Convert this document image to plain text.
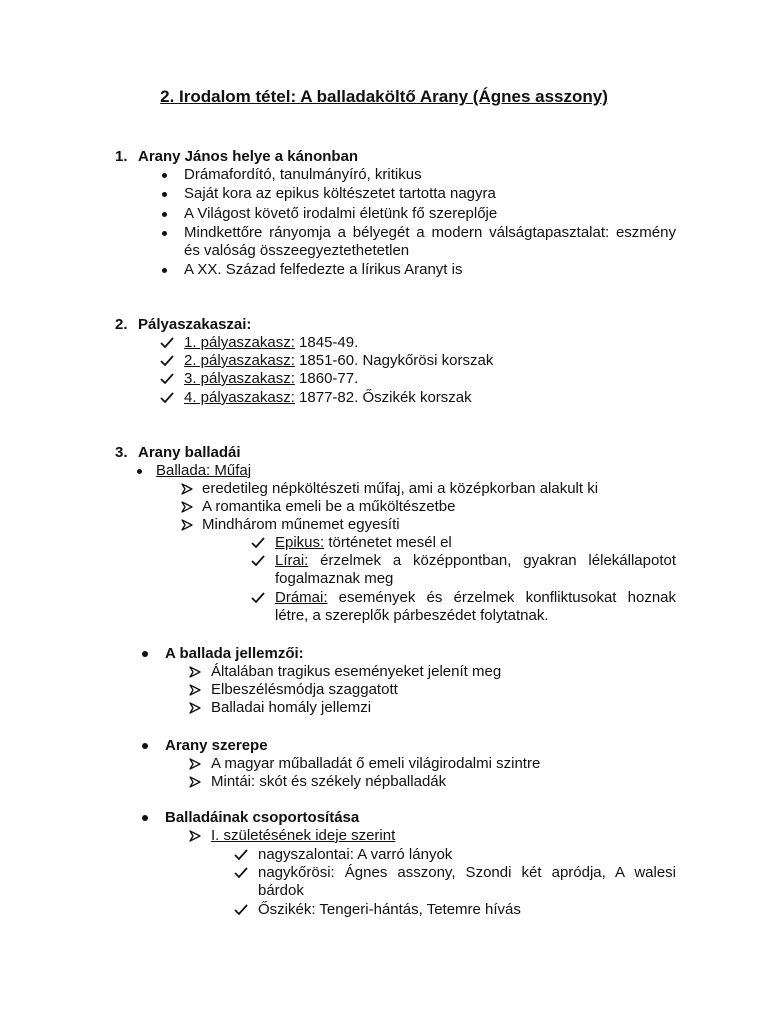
2. Irodalom tétel: A balladaköltő Arany (Ágnes asszony)
1. Arany János helye a kánonban
Drámafordító, tanulmányíró, kritikus
Saját kora az epikus költészetet tartotta nagyra
A Világost követő irodalmi életünk fő szereplője
Mindkettőre rányomja a bélyegét a modern válságtapasztalat: eszmény és valóság összeegyeztethetetlen
A XX. Század felfedezte a lírikus Aranyt is
2. Pályaszakaszai:
1. pályaszakasz: 1845-49.
2. pályaszakasz: 1851-60. Nagykőrösi korszak
3. pályaszakasz: 1860-77.
4. pályaszakasz: 1877-82. Őszikék korszak
3. Arany balladái
Ballada: Műfaj
eredetileg népköltészeti műfaj, ami a középkorban alakult ki
A romantika emeli be a műköltészetbe
Mindhárom műnemet egyesíti
Epikus: történetet mesél el
Lírai: érzelmek a középpontban, gyakran lélekállapotot fogalmaznak meg
Drámai: események és érzelmek konfliktusokat hoznak létre, a szereplők párbeszédet folytatnak.
A ballada jellemzői:
Általában tragikus eseményeket jelenít meg
Elbeszélésmódja szaggatott
Balladai homály jellemzi
Arany szerepe
A magyar műballadát ő emeli világirodalmi szintre
Mintái: skót és székely népballadák
Balladáinak csoportosítása
I. születésének ideje szerint
nagyszalontai: A varró lányok
nagykőrösi: Ágnes asszony, Szondi két apródja, A walesi bárdok
Őszikék: Tengeri-hántás, Tetemre hívás
